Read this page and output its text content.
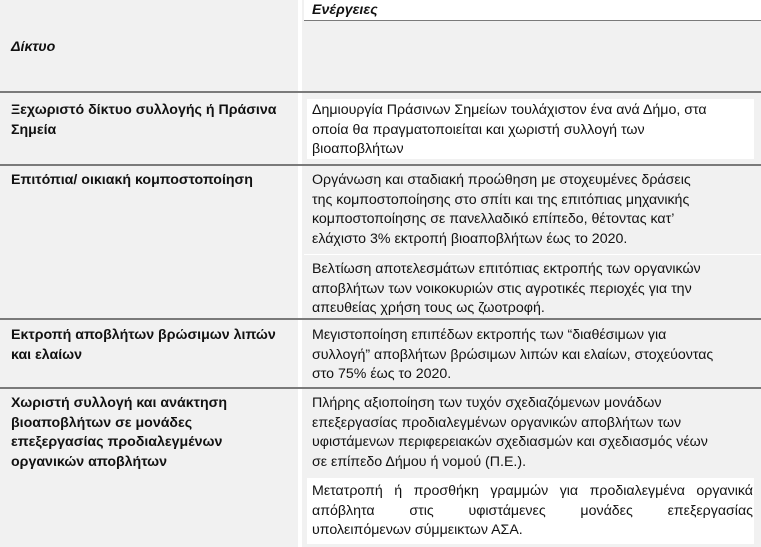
Δίκτυο
Ενέργειες
Ξεχωριστό δίκτυο συλλογής ή Πράσινα
Σημεία
Δημιουργία Πράσινων Σημείων τουλάχιστον ένα ανά Δήμο, στα
οποία θα πραγματοποιείται και χωριστή συλλογή των
βιοαποβλήτων
Επιτόπια/ οικιακή κομποστοποίηση	Οργάνωση και σταδιακή προώθηση με στοχευμένες δράσεις
της κομποστοποίησης στο σπίτι και της επιτόπιας μηχανικής
κομποστοποίησης σε πανελλαδικό επίπεδο, θέτοντας κατ’
ελάχιστο 3% εκτροπή βιοαποβλήτων έως το 2020.
Βελτίωση αποτελεσμάτων επιτόπιας εκτροπής των οργανικών
αποβλήτων των νοικοκυριών στις αγροτικές περιοχές για την
απευθείας χρήση τους ως ζωοτροφή.
Εκτροπή αποβλήτων βρώσιμων λιπών
και ελαίων
Μεγιστοποίηση επιπέδων εκτροπής των “διαθέσιμων για
συλλογή” αποβλήτων βρώσιμων λιπών και ελαίων, στοχεύοντας
στο 75% έως το 2020.
Χωριστή συλλογή και ανάκτηση
βιοαποβλήτων σε μονάδες
επεξεργασίας προδιαλεγμένων
οργανικών αποβλήτων
Πλήρης αξιοποίηση των τυχόν σχεδιαζόμενων μονάδων
επεξεργασίας προδιαλεγμένων οργανικών αποβλήτων των
υφιστάμενων περιφερειακών σχεδιασμών και σχεδιασμός νέων
σε επίπεδο Δήμου ή νομού (Π.Ε.).
Μετατροπή ή προσθήκη γραμμών για προδιαλεγμένα οργανικά
απόβλητα στις υφιστάμενες μονάδες επεξεργασίας
υπολειπόμενων σύμμεικτων ΑΣΑ.
